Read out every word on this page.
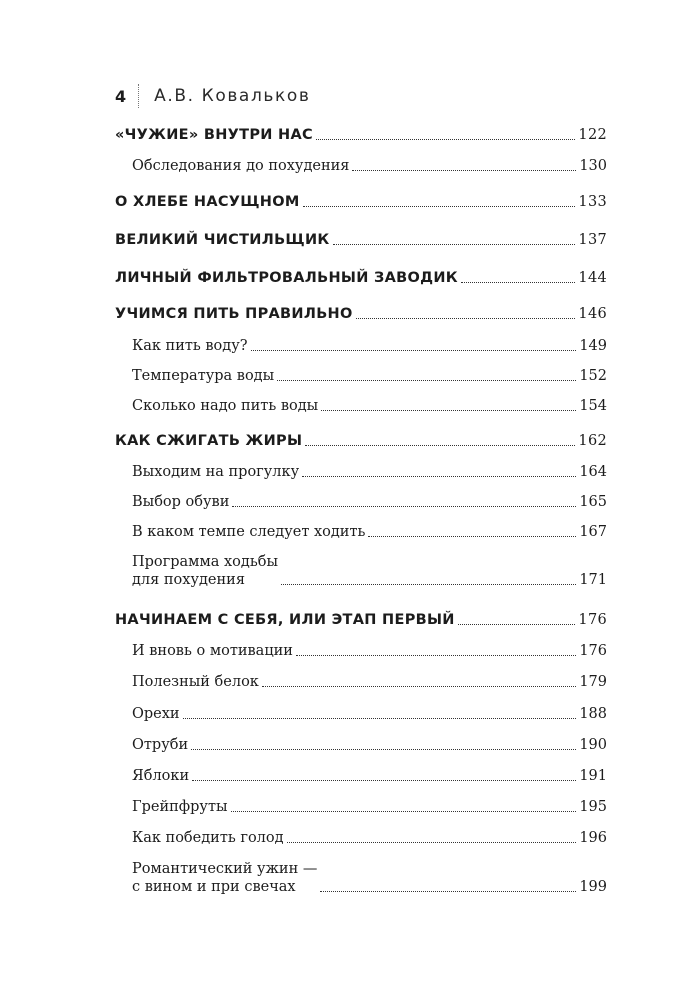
4 А.В. Ковальков
«ЧУЖИЕ» ВНУТРИ НАС	122
Обследования до похудения	130
О ХЛЕБЕ НАСУЩНОМ	133
ВЕЛИКИЙ ЧИСТИЛЬЩИК	137
ЛИЧНЫЙ ФИЛЬТРОВАЛЬНЫЙ ЗАВОДИК	144
УЧИМСЯ ПИТЬ ПРАВИЛЬНО	146
Как пить воду?	149
Температура воды	152
Сколько надо пить воды	154
КАК СЖИГАТЬ ЖИРЫ	162
Выходим на прогулку	164
Выбор обуви	165
В каком темпе следует ходить	167
Программа ходьбы
для похудения	171
НАЧИНАЕМ С СЕБЯ, ИЛИ ЭТАП ПЕРВЫЙ	176
И вновь о мотивации	176
Полезный белок	179
Орехи	188
Отруби	190
Яблоки	191
Грейпфруты	195
Как победить голод	196
Романтический ужин —
с вином и при свечах	199
